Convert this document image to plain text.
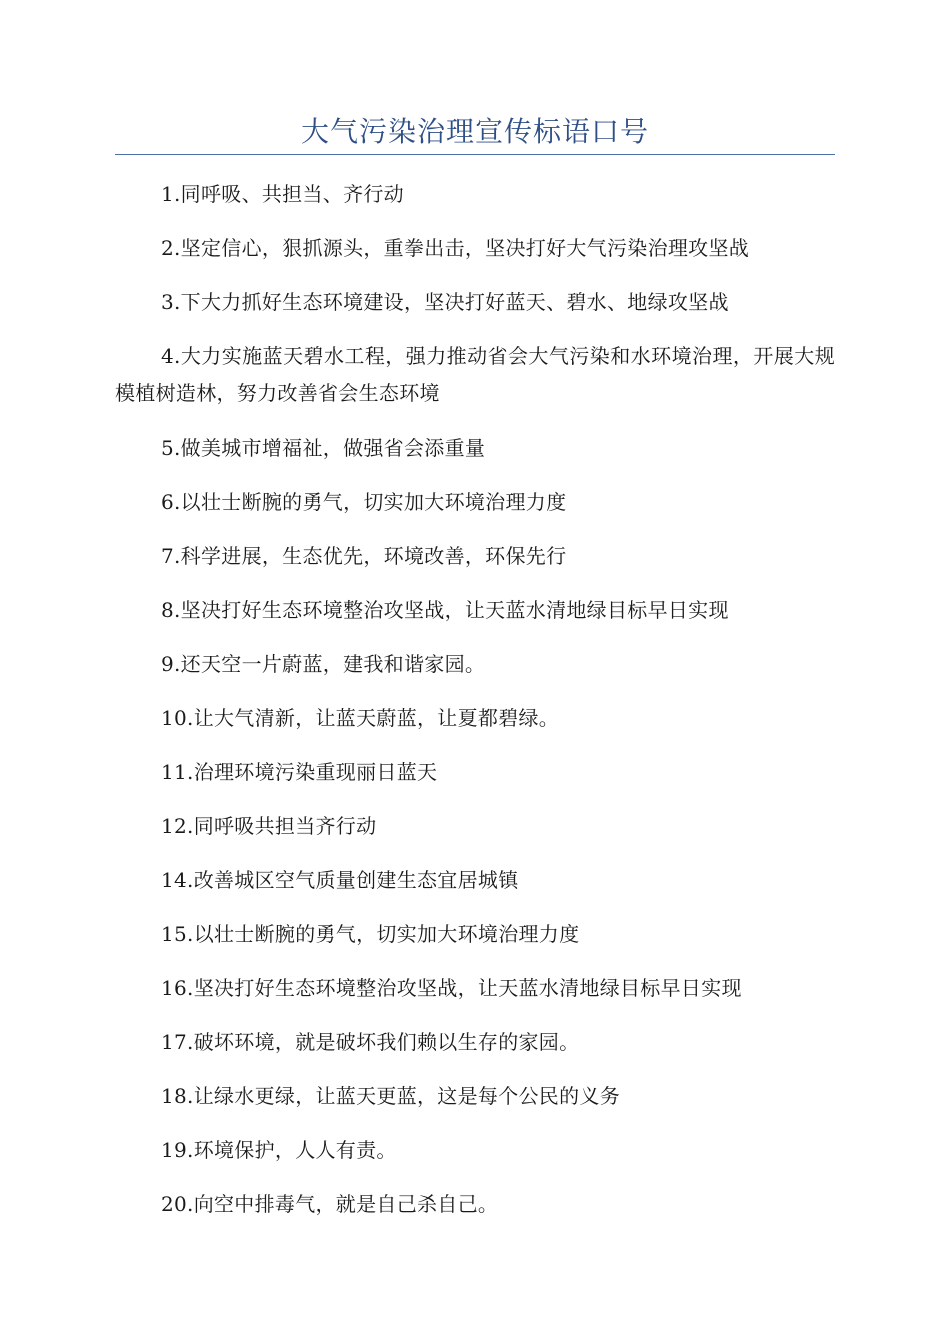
大气污染治理宣传标语口号
1.同呼吸、共担当、齐行动
2.坚定信心，狠抓源头，重拳出击，坚决打好大气污染治理攻坚战
3.下大力抓好生态环境建设，坚决打好蓝天、碧水、地绿攻坚战
4.大力实施蓝天碧水工程，强力推动省会大气污染和水环境治理，开展大规模植树造林，努力改善省会生态环境
5.做美城市增福祉，做强省会添重量
6.以壮士断腕的勇气，切实加大环境治理力度
7.科学进展，生态优先，环境改善，环保先行
8.坚决打好生态环境整治攻坚战，让天蓝水清地绿目标早日实现
9.还天空一片蔚蓝，建我和谐家园。
10.让大气清新，让蓝天蔚蓝，让夏都碧绿。
11.治理环境污染重现丽日蓝天
12.同呼吸共担当齐行动
14.改善城区空气质量创建生态宜居城镇
15.以壮士断腕的勇气，切实加大环境治理力度
16.坚决打好生态环境整治攻坚战，让天蓝水清地绿目标早日实现
17.破坏环境，就是破坏我们赖以生存的家园。
18.让绿水更绿，让蓝天更蓝，这是每个公民的义务
19.环境保护，人人有责。
20.向空中排毒气，就是自己杀自己。
